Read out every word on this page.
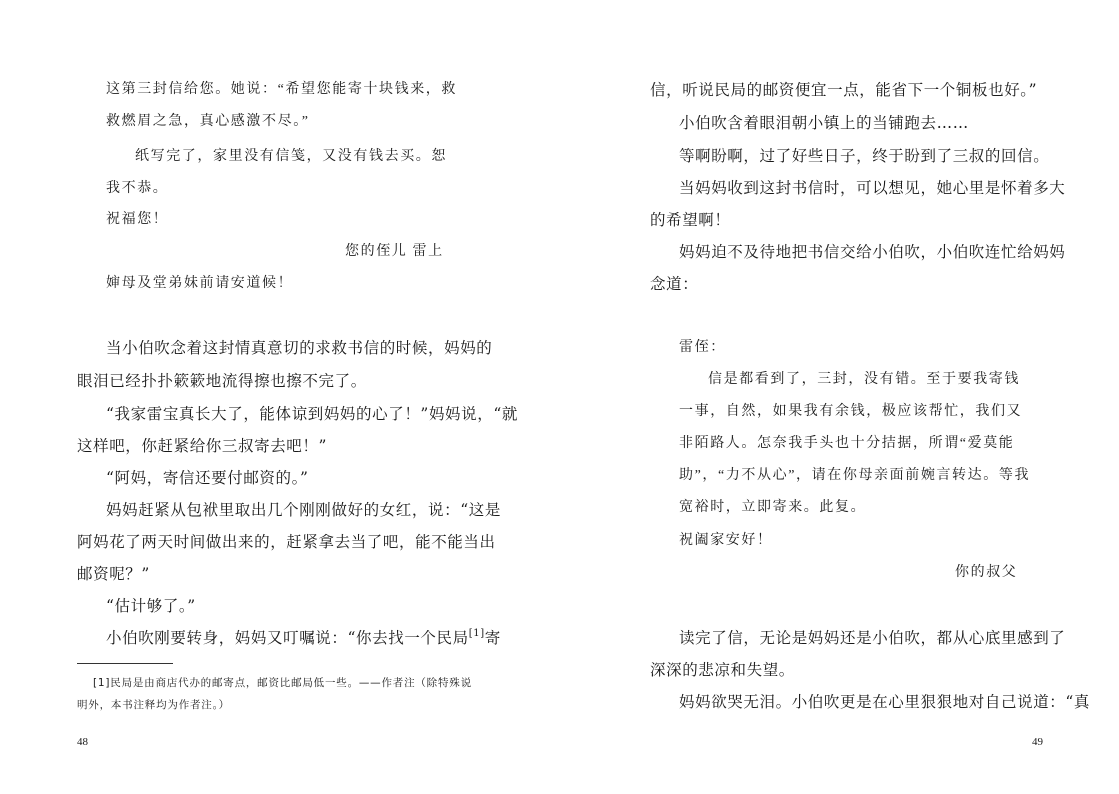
这第三封信给您。她说：“希望您能寄十块钱来，救
救燃眉之急，真心感激不尽。”
纸写完了，家里没有信笺，又没有钱去买。恕
我不恭。
祝福您！
您的侄儿 雷上
婶母及堂弟妹前请安道候！
当小伯吹念着这封情真意切的求救书信的时候，妈妈的
眼泪已经扑扑簌簌地流得擦也擦不完了。
“我家雷宝真长大了，能体谅到妈妈的心了！”妈妈说，“就
这样吧，你赶紧给你三叔寄去吧！”
“阿妈，寄信还要付邮资的。”
妈妈赶紧从包袱里取出几个刚刚做好的女红，说：“这是
阿妈花了两天时间做出来的，赶紧拿去当了吧，能不能当出
邮资呢？”
“估计够了。”
小伯吹刚要转身，妈妈又叮嘱说：“你去找一个民局[1]寄
[1]民局是由商店代办的邮寄点，邮资比邮局低一些。——作者注（除特殊说
明外，本书注释均为作者注。）
48
信，听说民局的邮资便宜一点，能省下一个铜板也好。”
小伯吹含着眼泪朝小镇上的当铺跑去……
等啊盼啊，过了好些日子，终于盼到了三叔的回信。
当妈妈收到这封书信时，可以想见，她心里是怀着多大
的希望啊！
妈妈迫不及待地把书信交给小伯吹，小伯吹连忙给妈妈
念道：
雷侄：
信是都看到了，三封，没有错。至于要我寄钱
一事，自然，如果我有余钱，极应该帮忙，我们又
非陌路人。怎奈我手头也十分拮据，所谓“爱莫能
助”，“力不从心”，请在你母亲面前婉言转达。等我
宽裕时，立即寄来。此复。
祝阖家安好！
你的叔父
读完了信，无论是妈妈还是小伯吹，都从心底里感到了
深深的悲凉和失望。
妈妈欲哭无泪。小伯吹更是在心里狠狠地对自己说道：“真
49
